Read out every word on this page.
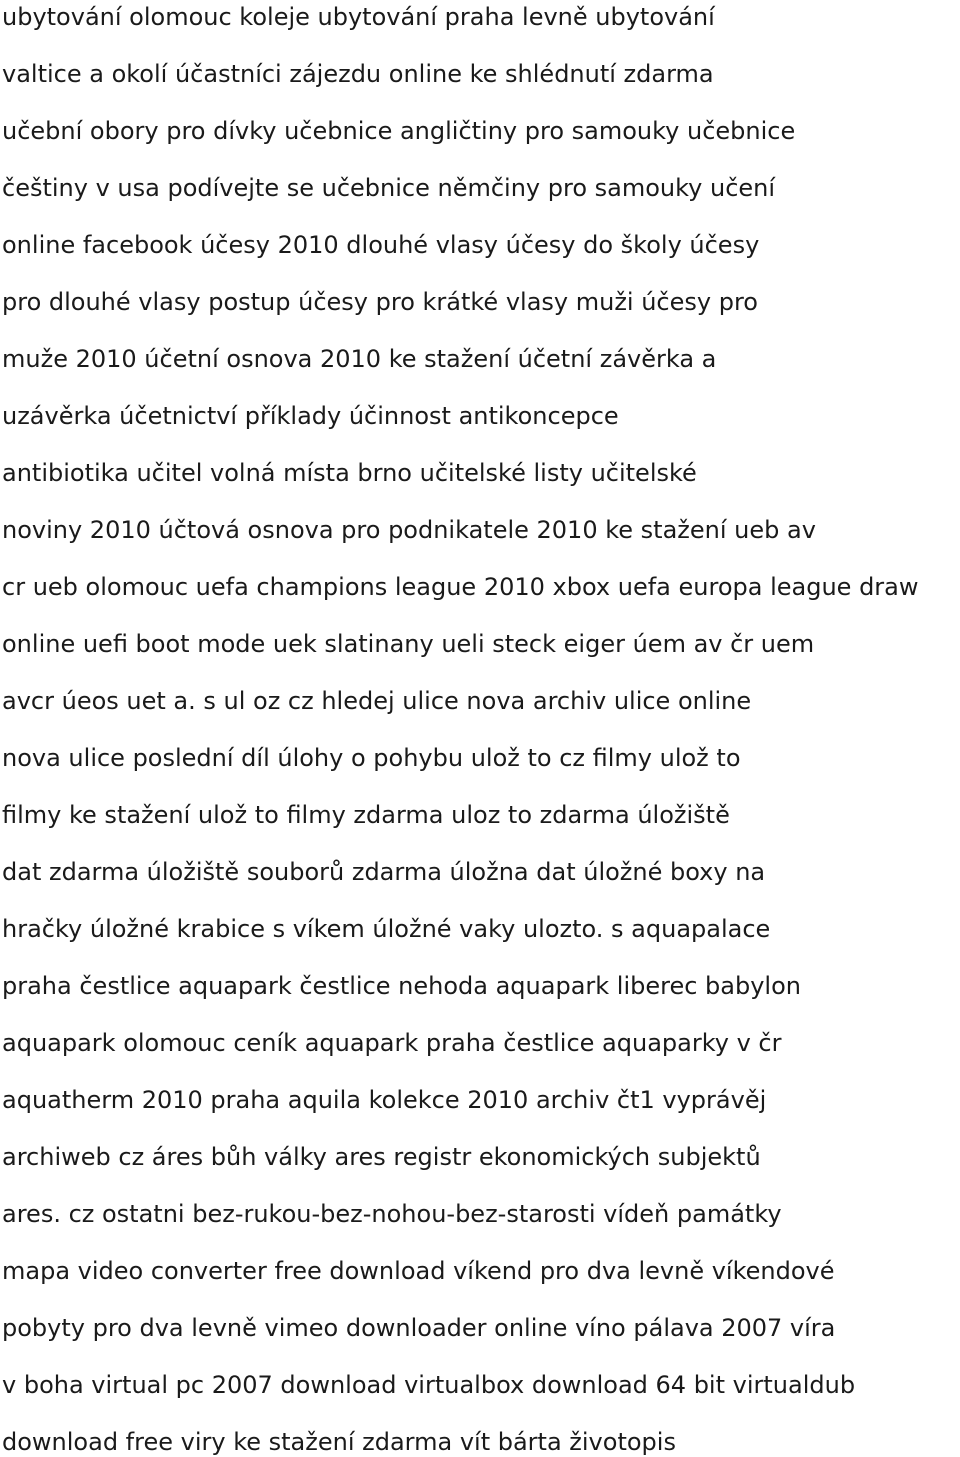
ubytování olomouc koleje ubytování praha levně ubytování
valtice a okolí účastníci zájezdu online ke shlédnutí zdarma
učební obory pro dívky učebnice angličtiny pro samouky učebnice
češtiny v usa podívejte se učebnice němčiny pro samouky učení
online facebook účesy 2010 dlouhé vlasy účesy do školy účesy
pro dlouhé vlasy postup účesy pro krátké vlasy muži účesy pro
muže 2010 účetní osnova 2010 ke stažení účetní závěrka a
uzávěrka účetnictví příklady účinnost antikoncepce
antibiotika učitel volná místa brno učitelské listy učitelské
noviny 2010 účtová osnova pro podnikatele 2010 ke stažení ueb av
cr ueb olomouc uefa champions league 2010 xbox uefa europa league draw
online uefi boot mode uek slatinany ueli steck eiger úem av čr uem
avcr úeos uet a. s ul oz cz hledej ulice nova archiv ulice online
nova ulice poslední díl úlohy o pohybu ulož to cz filmy ulož to
filmy ke stažení ulož to filmy zdarma uloz to zdarma úložiště
dat zdarma úložiště souborů zdarma úložna dat úložné boxy na
hračky úložné krabice s víkem úložné vaky ulozto. s aquapalace
praha čestlice aquapark čestlice nehoda aquapark liberec babylon
aquapark olomouc ceník aquapark praha čestlice aquaparky v čr
aquatherm 2010 praha aquila kolekce 2010 archiv čt1 vyprávěj
archiweb cz áres bůh války ares registr ekonomických subjektů
ares. cz ostatni bez-rukou-bez-nohou-bez-starosti vídeň památky
mapa video converter free download víkend pro dva levně víkendové
pobyty pro dva levně vimeo downloader online víno pálava 2007 víra
v boha virtual pc 2007 download virtualbox download 64 bit virtualdub
download free viry ke stažení zdarma vít bárta životopis
